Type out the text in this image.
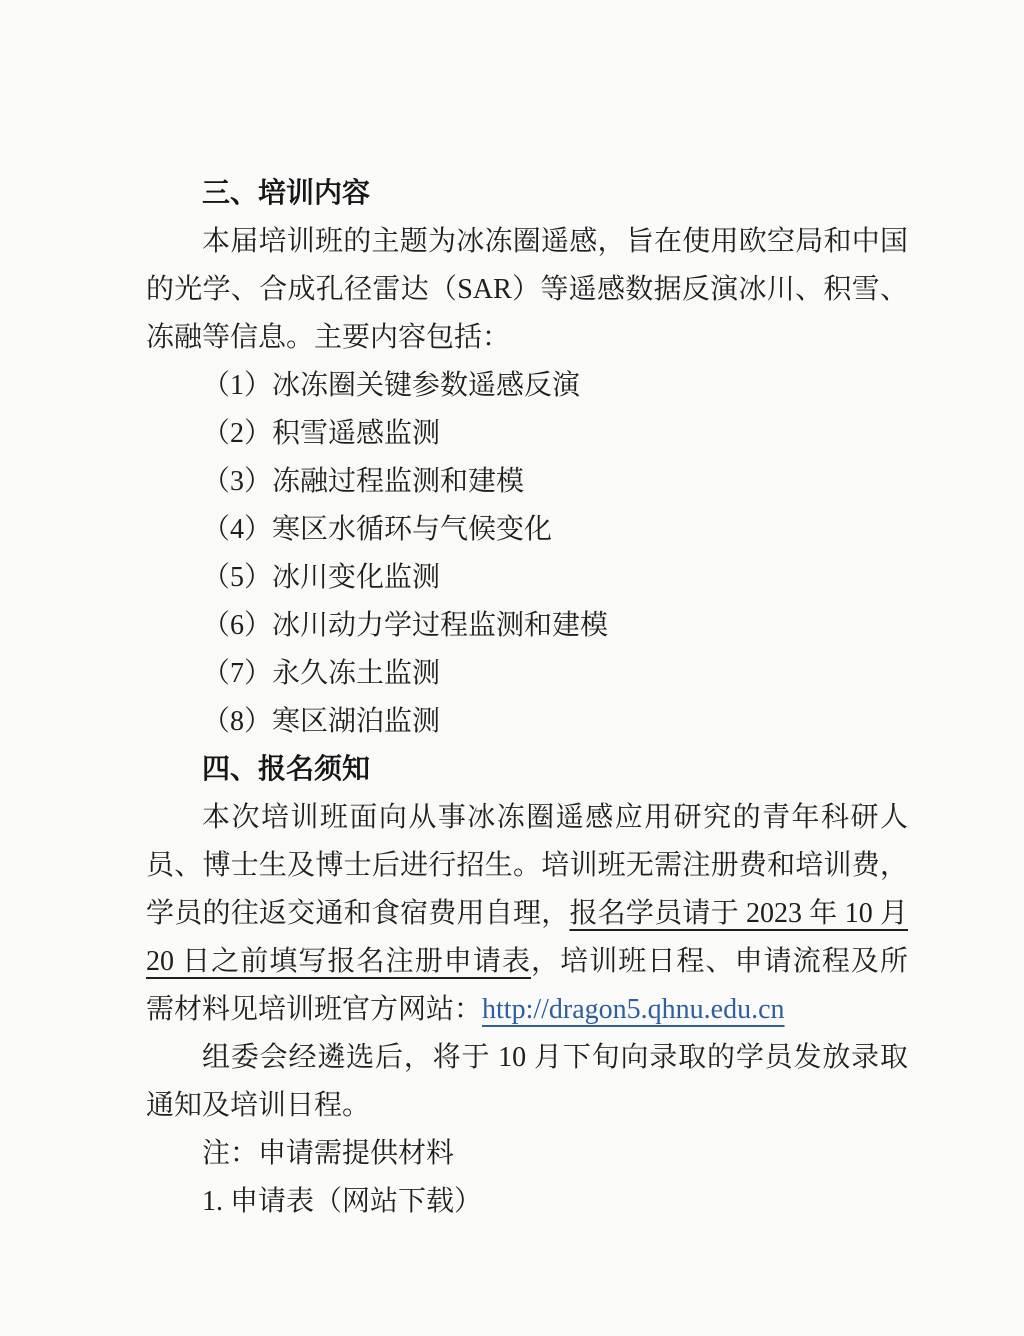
三、培训内容

本届培训班的主题为冰冻圈遥感，旨在使用欧空局和中国的光学、合成孔径雷达（SAR）等遥感数据反演冰川、积雪、冻融等信息。主要内容包括：

（1）冰冻圈关键参数遥感反演
（2）积雪遥感监测
（3）冻融过程监测和建模
（4）寒区水循环与气候变化
（5）冰川变化监测
（6）冰川动力学过程监测和建模
（7）永久冻土监测
（8）寒区湖泊监测
四、报名须知

本次培训班面向从事冰冻圈遥感应用研究的青年科研人员、博士生及博士后进行招生。培训班无需注册费和培训费，学员的往返交通和食宿费用自理，报名学员请于 2023 年 10 月 20 日之前填写报名注册申请表，培训班日程、申请流程及所需材料见培训班官方网站：http://dragon5.qhnu.edu.cn

组委会经遴选后，将于 10 月下旬向录取的学员发放录取通知及培训日程。

注：申请需提供材料

1. 申请表（网站下载）
